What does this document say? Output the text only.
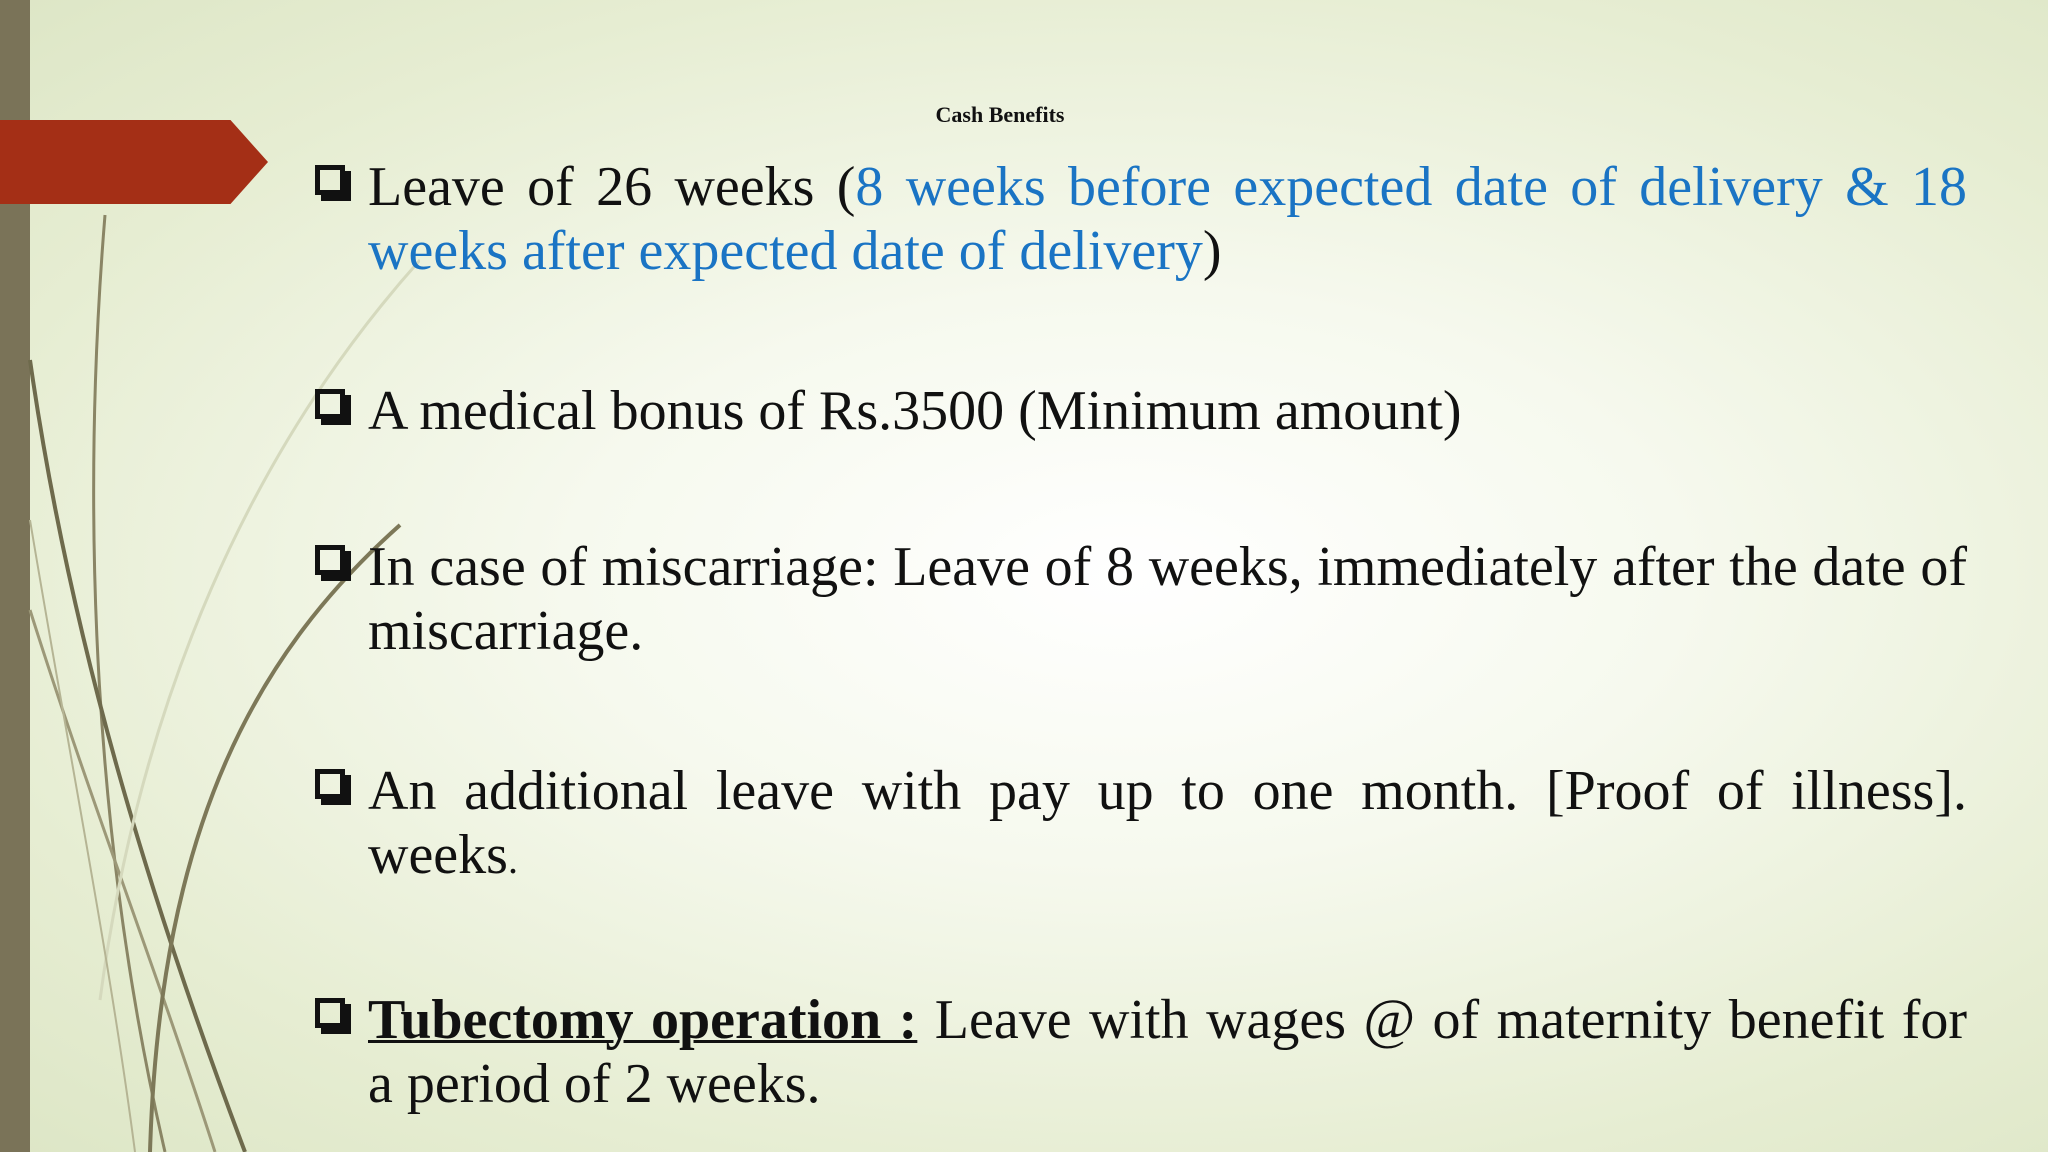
Cash Benefits
Leave of 26 weeks (8 weeks before expected date of delivery & 18 weeks after expected date of delivery)
A medical bonus of Rs.3500 (Minimum amount)
In case of miscarriage: Leave of 8 weeks, immediately after the date of miscarriage.
An additional leave with pay up to one month. [Proof of illness]. weeks.
Tubectomy operation : Leave with wages @ of maternity benefit for a period of 2 weeks.
